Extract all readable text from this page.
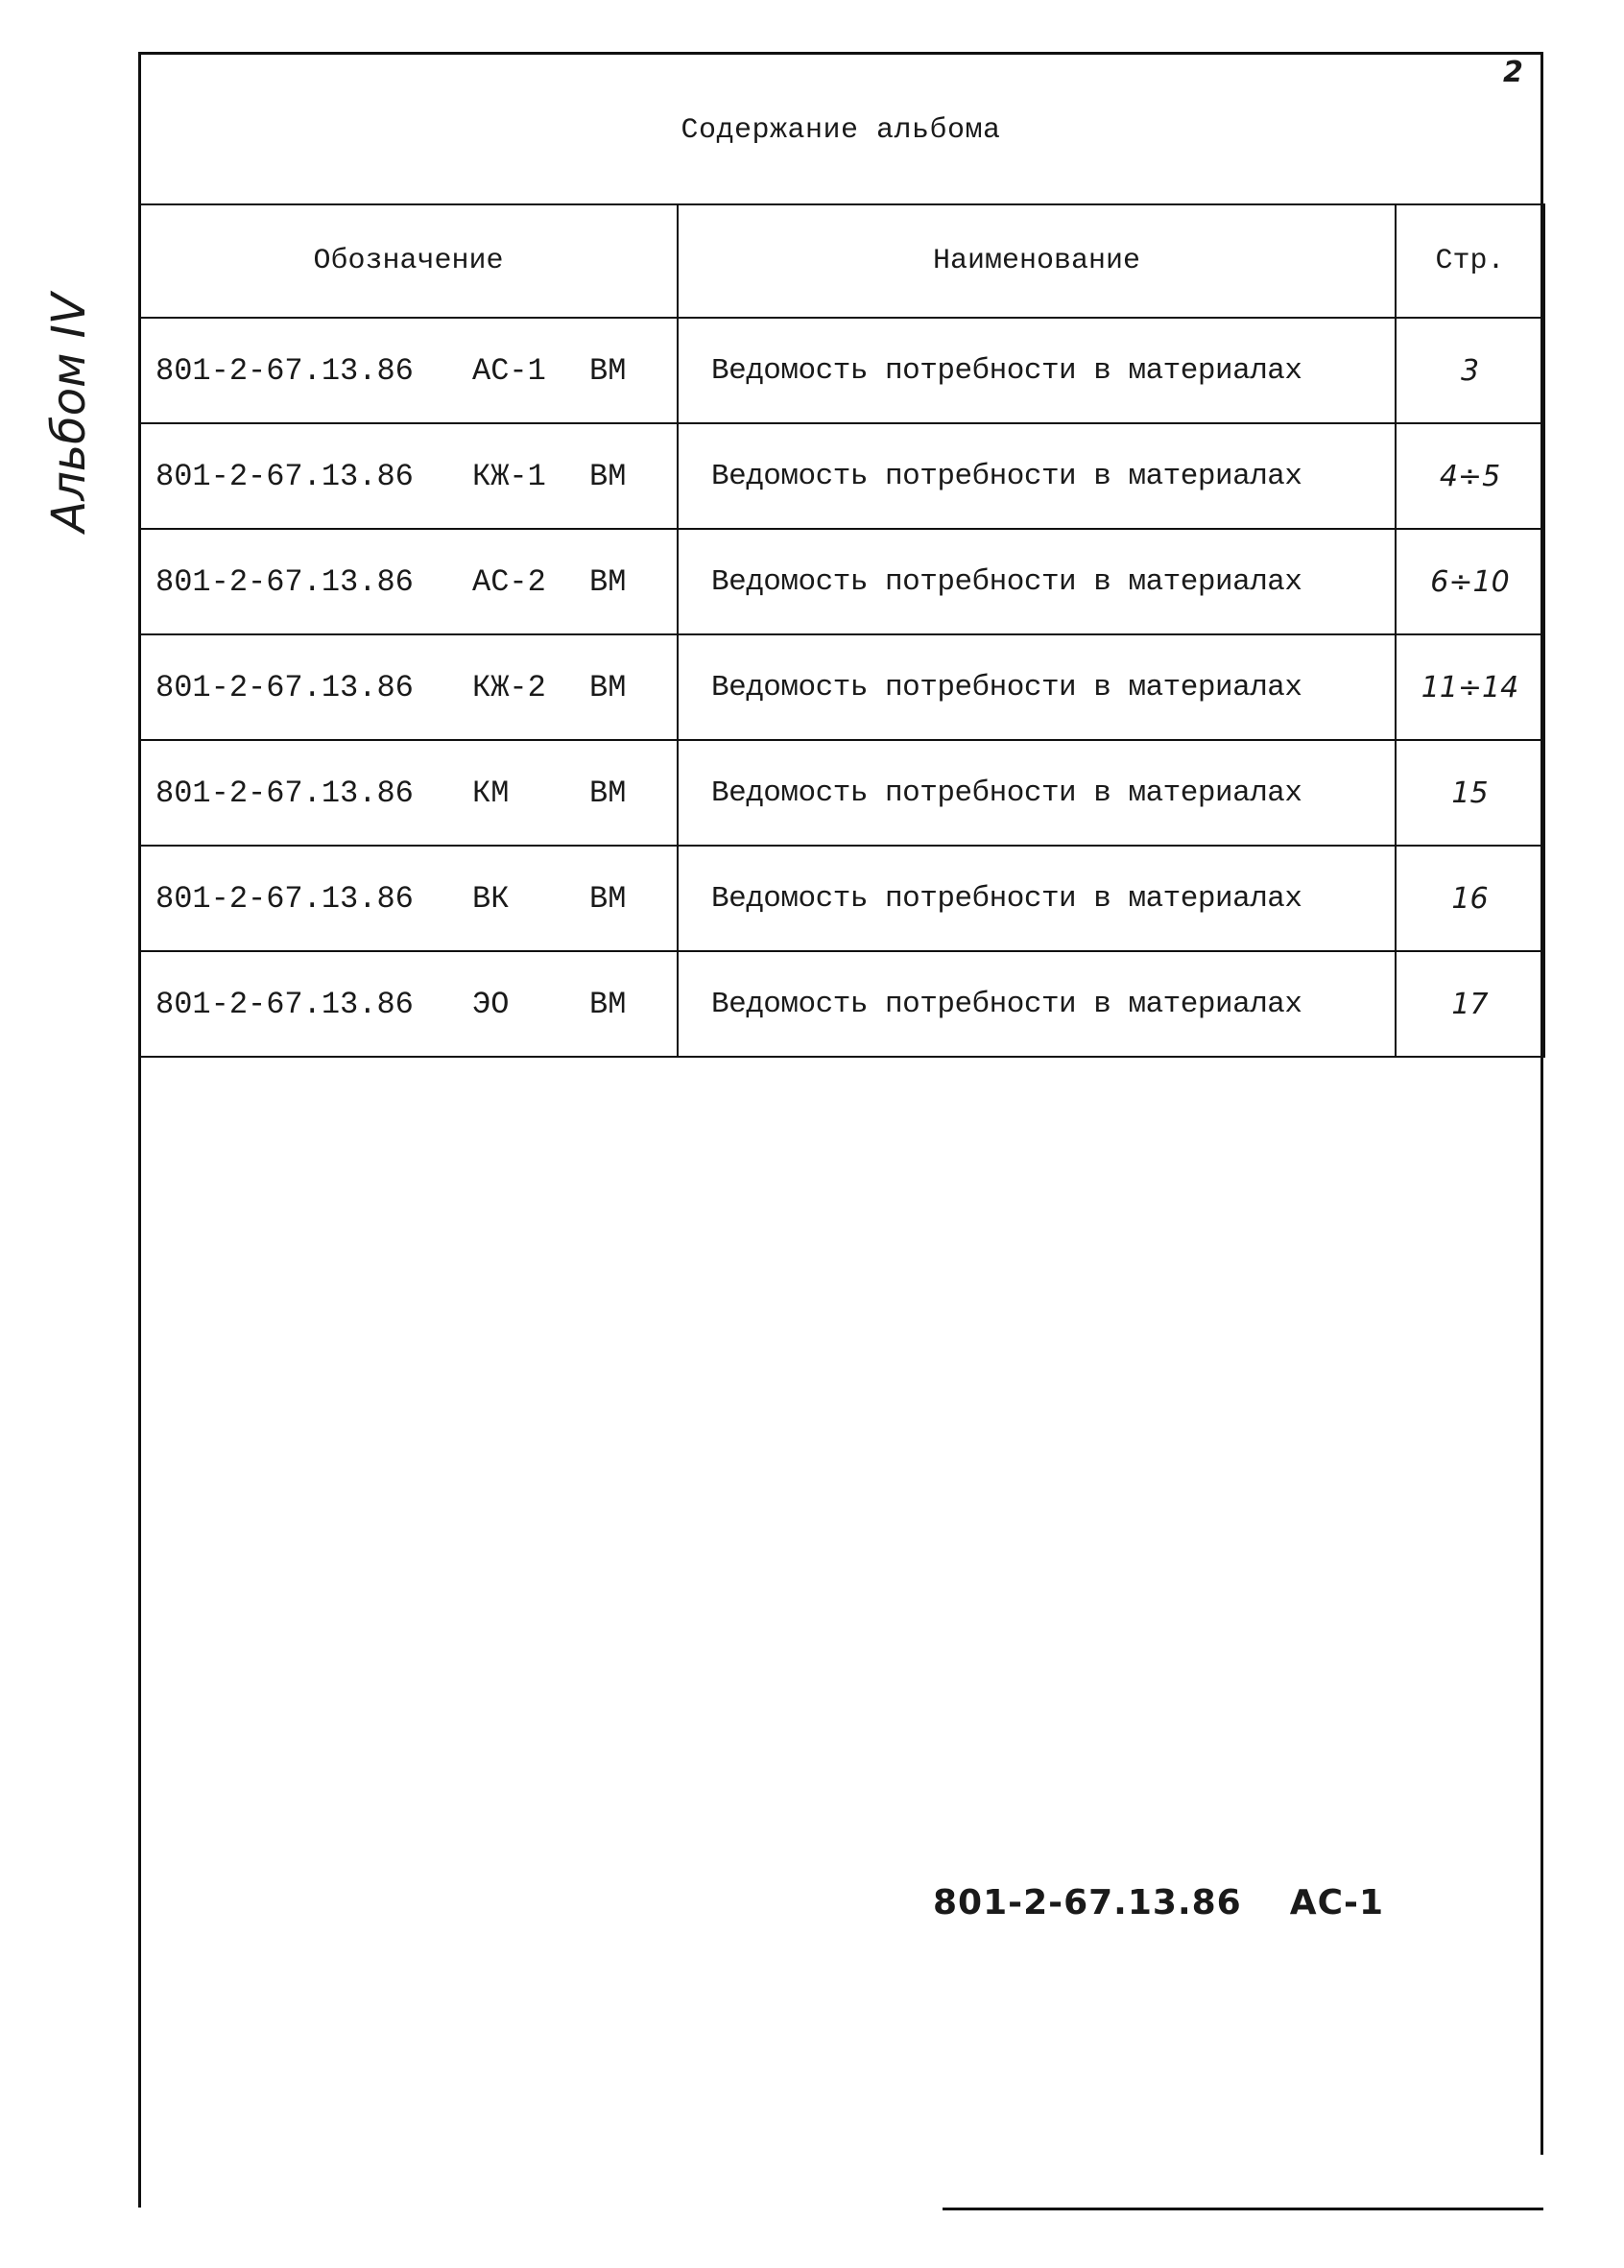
2
Содержание альбома
Альбом IV
Обозначение	Наименование	Стр.
801-2-67.13.86 АС-1 ВМ	Ведомость потребности в материалах	3
801-2-67.13.86 КЖ-1 ВМ	Ведомость потребности в материалах	4÷5
801-2-67.13.86 АС-2 ВМ	Ведомость потребности в материалах	6÷10
801-2-67.13.86 КЖ-2 ВМ	Ведомость потребности в материалах	11÷14
801-2-67.13.86 КМ ВМ	Ведомость потребности в материалах	15
801-2-67.13.86 ВК ВМ	Ведомость потребности в материалах	16
801-2-67.13.86 ЭО ВМ	Ведомость потребности в материалах	17
801-2-67.13.86 АС-1
